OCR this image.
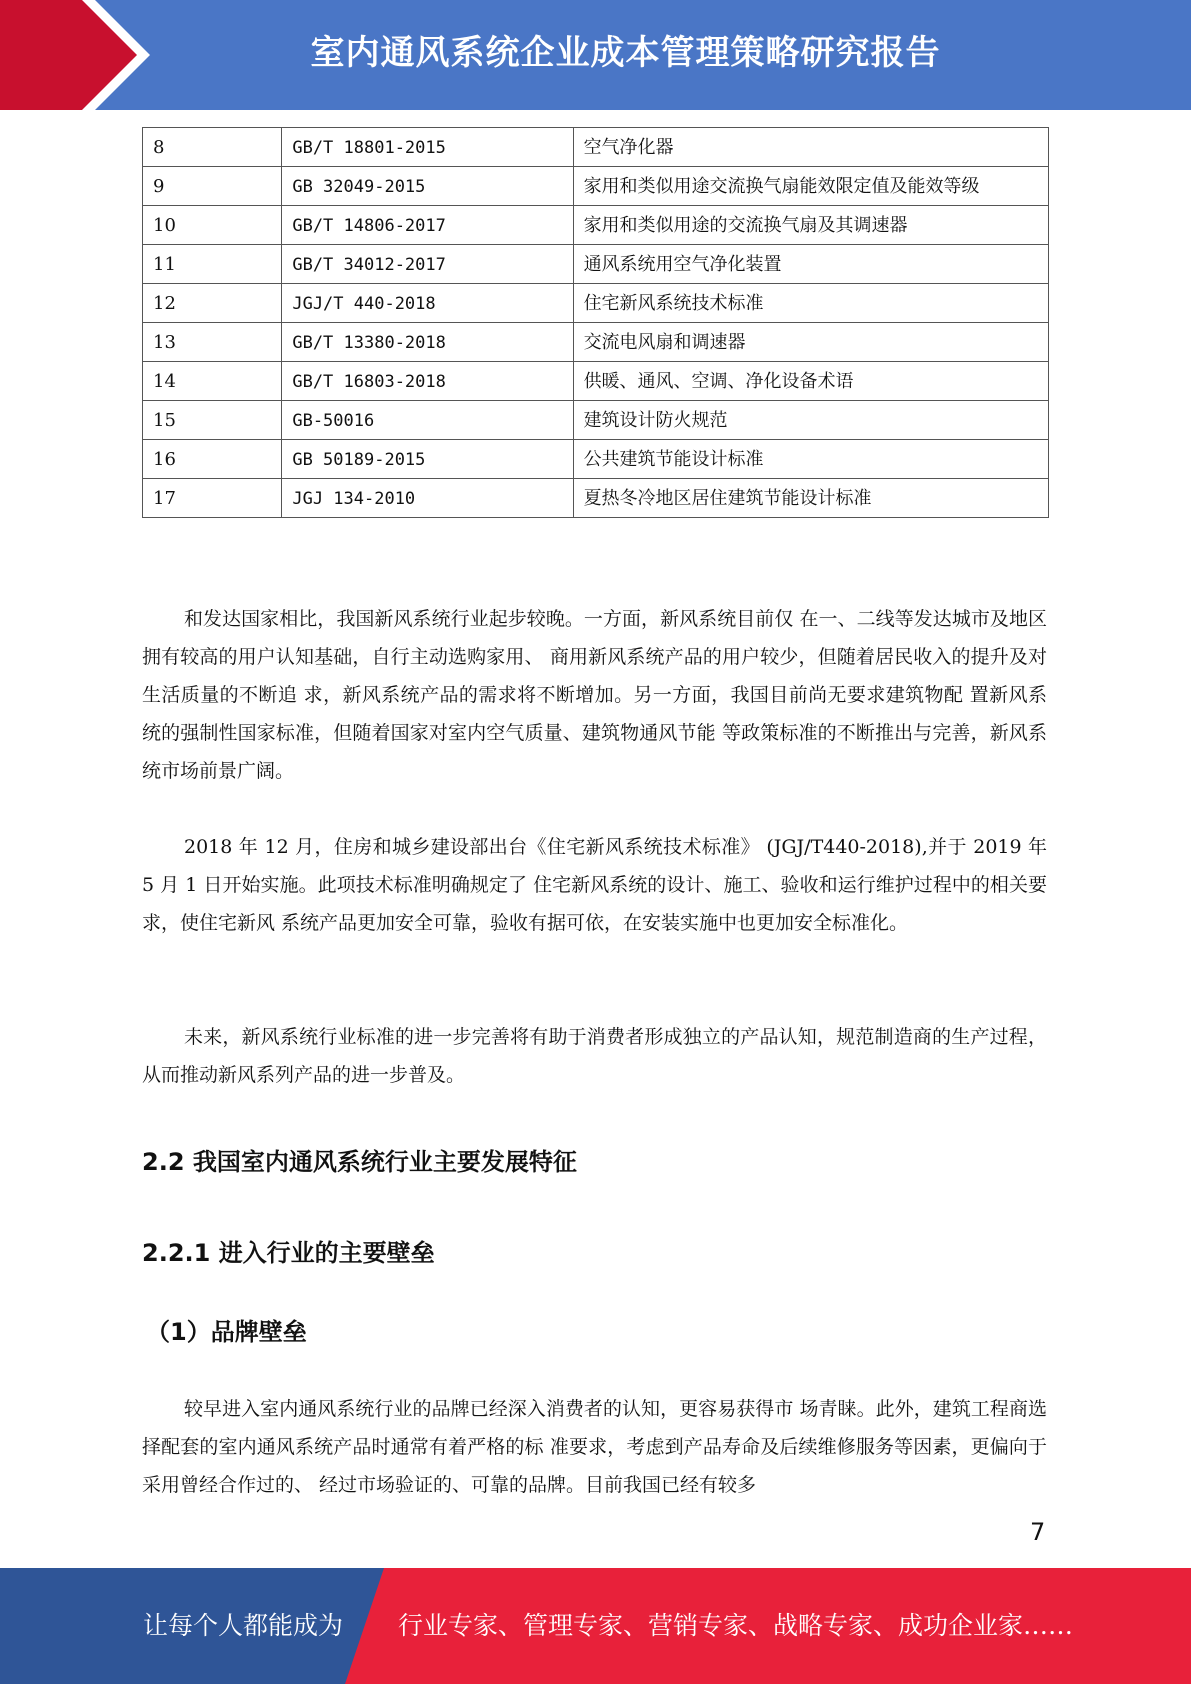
室内通风系统企业成本管理策略研究报告
8	GB/T 18801-2015	空气净化器
9	GB 32049-2015	家用和类似用途交流换气扇能效限定值及能效等级
10	GB/T 14806-2017	家用和类似用途的交流换气扇及其调速器
11	GB/T 34012-2017	通风系统用空气净化装置
12	JGJ/T 440-2018	住宅新风系统技术标准
13	GB/T 13380-2018	交流电风扇和调速器
14	GB/T 16803-2018	供暖、通风、空调、净化设备术语
15	GB-50016	建筑设计防火规范
16	GB 50189-2015	公共建筑节能设计标准
17	JGJ 134-2010	夏热冬冷地区居住建筑节能设计标准

和发达国家相比，我国新风系统行业起步较晚。一方面，新风系统目前仅 在一、二线等发达城市及地区拥有较高的用户认知基础，自行主动选购家用、 商用新风系统产品的用户较少，但随着居民收入的提升及对生活质量的不断追 求，新风系统产品的需求将不断增加。另一方面，我国目前尚无要求建筑物配 置新风系统的强制性国家标准，但随着国家对室内空气质量、建筑物通风节能 等政策标准的不断推出与完善，新风系统市场前景广阔。

2018 年 12 月，住房和城乡建设部出台《住宅新风系统技术标准》 (JGJ/T440-2018),并于 2019 年 5 月 1 日开始实施。此项技术标准明确规定了 住宅新风系统的设计、施工、验收和运行维护过程中的相关要求，使住宅新风 系统产品更加安全可靠，验收有据可依，在安装实施中也更加安全标准化。

未来，新风系统行业标准的进一步完善将有助于消费者形成独立的产品认知，规范制造商的生产过程，从而推动新风系列产品的进一步普及。

2.2 我国室内通风系统行业主要发展特征
2.2.1 进入行业的主要壁垒
（1）品牌壁垒

较早进入室内通风系统行业的品牌已经深入消费者的认知，更容易获得市 场青睐。此外，建筑工程商选择配套的室内通风系统产品时通常有着严格的标 准要求，考虑到产品寿命及后续维修服务等因素，更偏向于采用曾经合作过的、 经过市场验证的、可靠的品牌。目前我国已经有较多

7
让每个人都能成为 行业专家、管理专家、营销专家、战略专家、成功企业家……
